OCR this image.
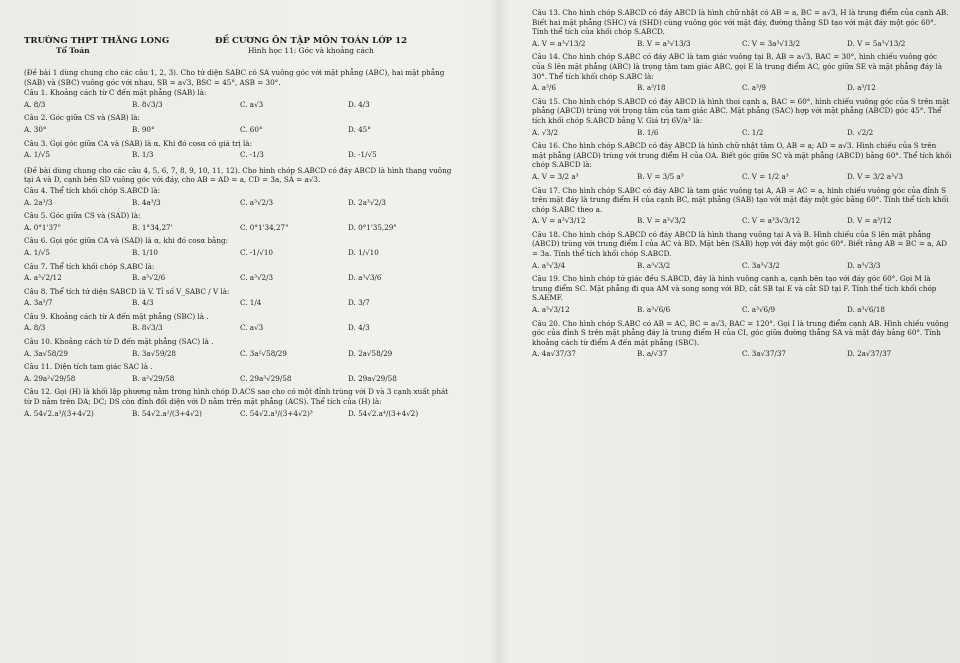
TRƯỜNG THPT THĂNG LONG
Tổ Toán
ĐỀ CƯƠNG ÔN TẬP MÔN TOÁN LỚP 12
Hình học 11: Góc và khoảng cách
(Đề bài 1 dùng chung cho các câu 1, 2, 3). Cho tứ diện SABC có SA vuông góc với mặt phẳng (ABC), hai mặt phẳng (SAB) và (SBC) vuông góc với nhau, SB = a√3, BSC = 45°, ASB = 30°.
Câu 1. Khoảng cách từ C đến mặt phẳng (SAB) là:
A. 8/3	B. 8√3/3	C. a√3	D. 4/3
Câu 2. Góc giữa CS và (SAB) là:
A. 30°	B. 90°	C. 60°	D. 45°
Câu 3. Gọi góc giữa CA và (SAB) là α. Khi đó cosα có giá trị là:
A. 1/√5	B. 1/3	C. -1/3	D. -1/√5
(Đề bài dùng chung cho các câu 4, 5, 6, 7, 8, 9, 10, 11, 12). Cho hình chóp S.ABCD có đáy ABCD là hình thang vuông tại A và D, cạnh bên SD vuông góc với đáy, cho AB = AD = a, CD = 3a, SA = a√3.
Câu 4. Thể tích khối chóp S.ABCD là:
A. 2a³/3	B. 4a³/3	C. a³√2/3	D. 2a³√2/3
Câu 5. Góc giữa CS và (SAD) là:
A. 0°1'37"	B. 1°34,27'	C. 0°1'34,27"	D. 0°1'35,29"
Câu 6. Gọi góc giữa CA và (SAD) là α, khi đó cosα bằng:
A. 1/√5	B. 1/10	C. -1/√10	D. 1/√10
Câu 7. Thể tích khối chóp S.ABC là:
A. a³√2/12	B. a³√2/6	C. a³√2/3	D. a³√3/6
Câu 8. Thể tích tứ diện SABCD là V. Tỉ số V_SABC / V là:
A. 3a³/7	B. 4/3	C. 1/4	D. 3/7
Câu 9. Khoảng cách từ A đến mặt phẳng (SBC) là .
A. 8/3	B. 8√3/3	C. a√3	D. 4/3
Câu 10. Khoảng cách từ D đến mặt phẳng (SAC) là .
A. 3a√58/29	B. 3a√59/28	C. 3a²√58/29	D. 2a√58/29
Câu 11. Diện tích tam giác SAC là .
A. 29a²√29/58	B. a²√29/58	C. 29a³√29/58	D. 29a√29/58
Câu 12. Gọi (H) là khối lập phương nằm trong hình chóp D.ACS sao cho có một đỉnh trùng với D và 3 cạnh xuất phát từ D nằm trên DA; DC; DS còn đỉnh đối diện với D nằm trên mặt phẳng (ACS). Thể tích của (H) là:
A. 54√2.a³/(3+4√2)	B. 54√2.a²/(3+4√2)	C. 54√2.a³/(3+4√2)³	D. 54√2.a⁴/(3+4√2)
Câu 13. Cho hình chóp S.ABCD có đáy ABCD là hình chữ nhật có AB = a, BC = a√3, H là trung điểm của cạnh AB. Biết hai mặt phẳng (SHC) và (SHD) cùng vuông góc với mặt đáy, đường thẳng SD tạo với mặt đáy một góc 60°. Tính thể tích của khối chóp S.ABCD.
A. V = a³√13/2	B. V = a³√13/3	C. V = 3a³√13/2	D. V = 5a³√13/2
Câu 14. Cho hình chóp S.ABC có đáy ABC là tam giác vuông tại B, AB = a√3, BAC = 30°, hình chiếu vuông góc của S lên mặt phẳng (ABC) là trọng tâm tam giác ABC, gọi E là trung điểm AC, góc giữa SE và mặt phẳng đáy là 30°. Thể tích khối chóp S.ABC là:
A. a³/6	B. a³/18	C. a³/9	D. a³/12
Câu 15. Cho hình chóp S.ABCD có đáy ABCD là hình thoi cạnh a, BAC = 60°, hình chiếu vuông góc của S trên mặt phẳng (ABCD) trùng với trọng tâm của tam giác ABC. Mặt phẳng (SAC) hợp với mặt phẳng (ABCD) góc 45°. Thể tích khối chóp S.ABCD bằng V. Giá trị 6V/a³ là:
A. √3/2	B. 1/6	C. 1/2	D. √2/2
Câu 16. Cho hình chóp S.ABCD có đáy ABCD là hình chữ nhật tâm O, AB = a; AD = a√3. Hình chiếu của S trên mặt phẳng (ABCD) trùng với trung điểm H của OA. Biết góc giữa SC và mặt phẳng (ABCD) bằng 60°. Thể tích khối chóp S.ABCD là:
A. V = 3/2 a³	B. V = 3/5 a³	C. V = 1/2 a³	D. V = 3/2 a³√3
Câu 17. Cho hình chóp S.ABC có đáy ABC là tam giác vuông tại A, AB = AC = a, hình chiếu vuông góc của đỉnh S trên mặt đáy là trung điểm H của cạnh BC, mặt phẳng (SAB) tạo với mặt đáy một góc bằng 60°. Tính thể tích khối chóp S.ABC theo a.
A. V = a³√3/12	B. V = a³√3/2	C. V = a³3√3/12	D. V = a³/12
Câu 18. Cho hình chóp S.ABCD có đáy ABCD là hình thang vuông tại A và B. Hình chiếu của S lên mặt phẳng (ABCD) trùng với trung điểm I của AC và BD. Mặt bên (SAB) hợp với đáy một góc 60°. Biết rằng AB = BC = a, AD = 3a. Tính thể tích khối chóp S.ABCD.
A. a³√3/4	B. a³√3/2	C. 3a³√3/2	D. a³√3/3
Câu 19. Cho hình chóp tứ giác đều S.ABCD, đáy là hình vuông cạnh a, cạnh bên tạo với đáy góc 60°. Gọi M là trung điểm SC. Mặt phẳng đi qua AM và song song với BD, cắt SB tại E và cắt SD tại F. Tính thể tích khối chóp S.AEMF.
A. a³√3/12	B. a³√6/6	C. a³√6/9	D. a³√6/18
Câu 20. Cho hình chóp S.ABC có AB = AC, BC = a√3, BAC = 120°. Gọi I là trung điểm cạnh AB. Hình chiếu vuông góc của đỉnh S trên mặt phẳng đáy là trung điểm H của CI, góc giữa đường thẳng SA và mặt đáy bằng 60°. Tính khoảng cách từ điểm A đến mặt phẳng (SBC).
A. 4a√37/37	B. a/√37	C. 3a√37/37	D. 2a√37/37
